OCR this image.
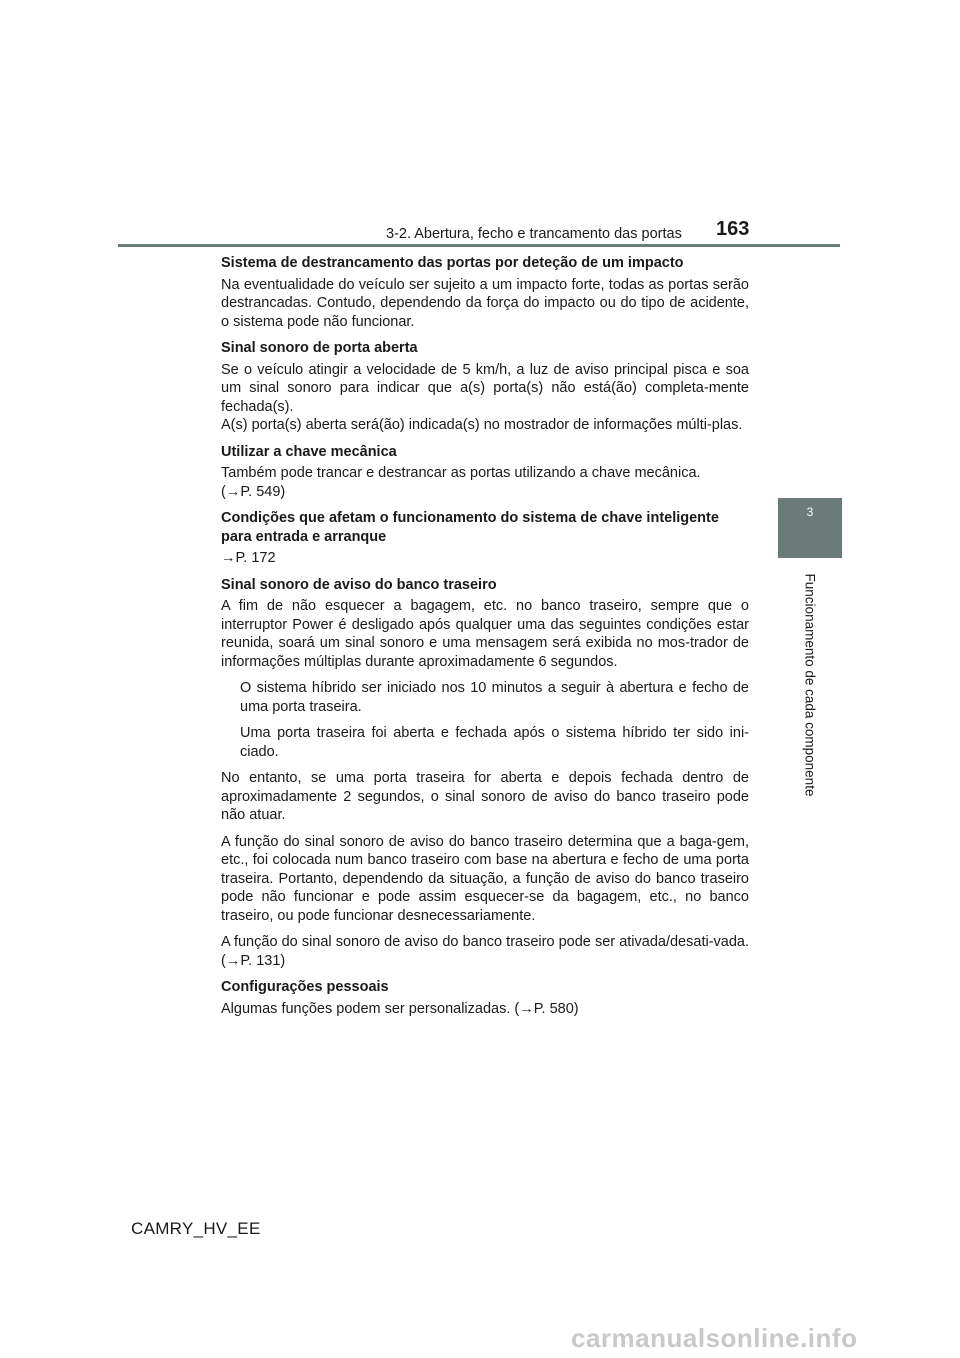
3-2. Abertura, fecho e trancamento das portas 163
3
Funcionamento de cada componente

Sistema de destrancamento das portas por deteção de um impacto

Na eventualidade do veículo ser sujeito a um impacto forte, todas as portas serão destrancadas. Contudo, dependendo da força do impacto ou do tipo de acidente, o sistema pode não funcionar.

Sinal sonoro de porta aberta

Se o veículo atingir a velocidade de 5 km/h, a luz de aviso principal pisca e soa um sinal sonoro para indicar que a(s) porta(s) não está(ão) completa-mente fechada(s).

A(s) porta(s) aberta será(ão) indicada(s) no mostrador de informações múlti-plas.

Utilizar a chave mecânica

Também pode trancar e destrancar as portas utilizando a chave mecânica.

(→P. 549)

Condições que afetam o funcionamento do sistema de chave inteligente para entrada e arranque

→P. 172

Sinal sonoro de aviso do banco traseiro

A fim de não esquecer a bagagem, etc. no banco traseiro, sempre que o interruptor Power é desligado após qualquer uma das seguintes condições estar reunida, soará um sinal sonoro e uma mensagem será exibida no mos-trador de informações múltiplas durante aproximadamente 6 segundos.

O sistema híbrido ser iniciado nos 10 minutos a seguir à abertura e fecho de uma porta traseira.

Uma porta traseira foi aberta e fechada após o sistema híbrido ter sido ini-ciado.

No entanto, se uma porta traseira for aberta e depois fechada dentro de aproximadamente 2 segundos, o sinal sonoro de aviso do banco traseiro pode não atuar.

A função do sinal sonoro de aviso do banco traseiro determina que a baga-gem, etc., foi colocada num banco traseiro com base na abertura e fecho de uma porta traseira. Portanto, dependendo da situação, a função de aviso do banco traseiro pode não funcionar e pode assim esquecer-se da bagagem, etc., no banco traseiro, ou pode funcionar desnecessariamente.

A função do sinal sonoro de aviso do banco traseiro pode ser ativada/desati-vada. (→P. 131)

Configurações pessoais

Algumas funções podem ser personalizadas. (→P. 580)

CAMRY_HV_EE
carmanualsonline.info
